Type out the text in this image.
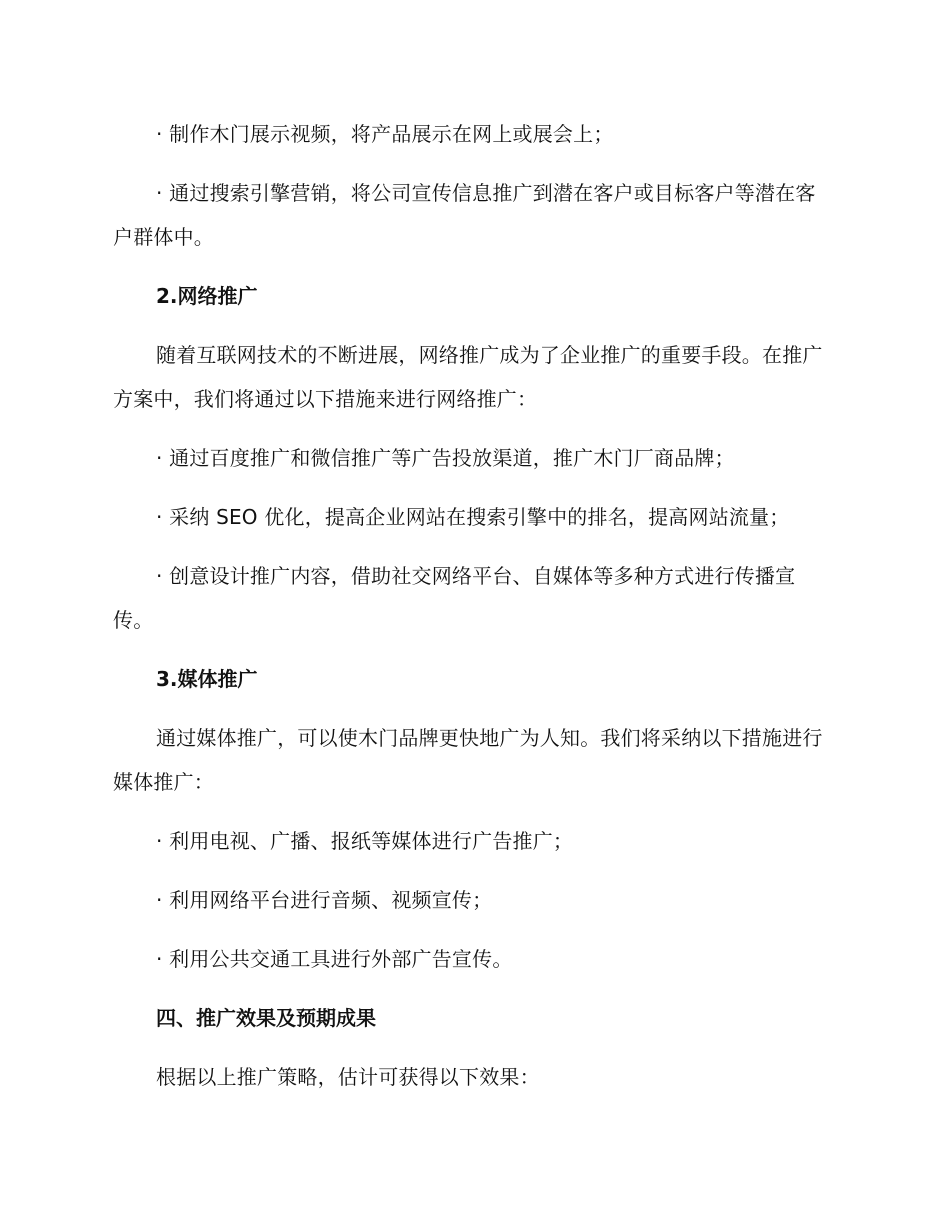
· 制作木门展示视频，将产品展示在网上或展会上；

· 通过搜索引擎营销，将公司宣传信息推广到潜在客户或目标客户等潜在客户群体中。

2.网络推广

随着互联网技术的不断进展，网络推广成为了企业推广的重要手段。在推广方案中，我们将通过以下措施来进行网络推广：

· 通过百度推广和微信推广等广告投放渠道，推广木门厂商品牌；

· 采纳 SEO 优化，提高企业网站在搜索引擎中的排名，提高网站流量；

· 创意设计推广内容，借助社交网络平台、自媒体等多种方式进行传播宣传。

3.媒体推广

通过媒体推广，可以使木门品牌更快地广为人知。我们将采纳以下措施进行媒体推广：

· 利用电视、广播、报纸等媒体进行广告推广；

· 利用网络平台进行音频、视频宣传；

· 利用公共交通工具进行外部广告宣传。

四、推广效果及预期成果

根据以上推广策略，估计可获得以下效果：
